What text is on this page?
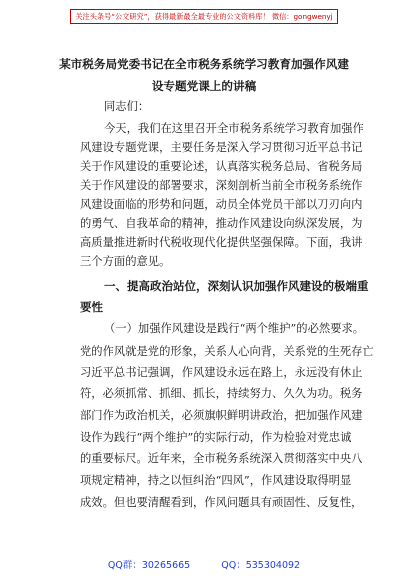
关注头条号“公文研究”，获得最新最全最专业的公文资料库！ 微信：gongwenyj
某市税务局党委书记在全市税务系统学习教育加强作风建
设专题党课上的讲稿
同志们：
今天，我们在这里召开全市税务系统学习教育加强作
风建设专题党课，主要任务是深入学习贯彻习近平总书记
关于作风建设的重要论述，认真落实税务总局、省税务局
关于作风建设的部署要求，深刻剖析当前全市税务系统作
风建设面临的形势和问题，动员全体党员干部以刀刃向内
的勇气、自我革命的精神，推动作风建设向纵深发展，为
高质量推进新时代税收现代化提供坚强保障。下面，我讲
三个方面的意见。
一、提高政治站位，深刻认识加强作风建设的极端重
要性
（一）加强作风建设是践行“两个维护”的必然要求。
党的作风就是党的形象，关系人心向背，关系党的生死存亡
习近平总书记强调，作风建设永远在路上，永远没有休止
符，必须抓常、抓细、抓长，持续努力、久久为功。税务
部门作为政治机关，必须旗帜鲜明讲政治，把加强作风建
设作为践行“两个维护”的实际行动，作为检验对党忠诚
的重要标尺。近年来，全市税务系统深入贯彻落实中央八
项规定精神，持之以恒纠治“四风”，作风建设取得明显
成效。但也要清醒看到，作风问题具有顽固性、反复性，
QQ群：30265665	QQ：535304092
